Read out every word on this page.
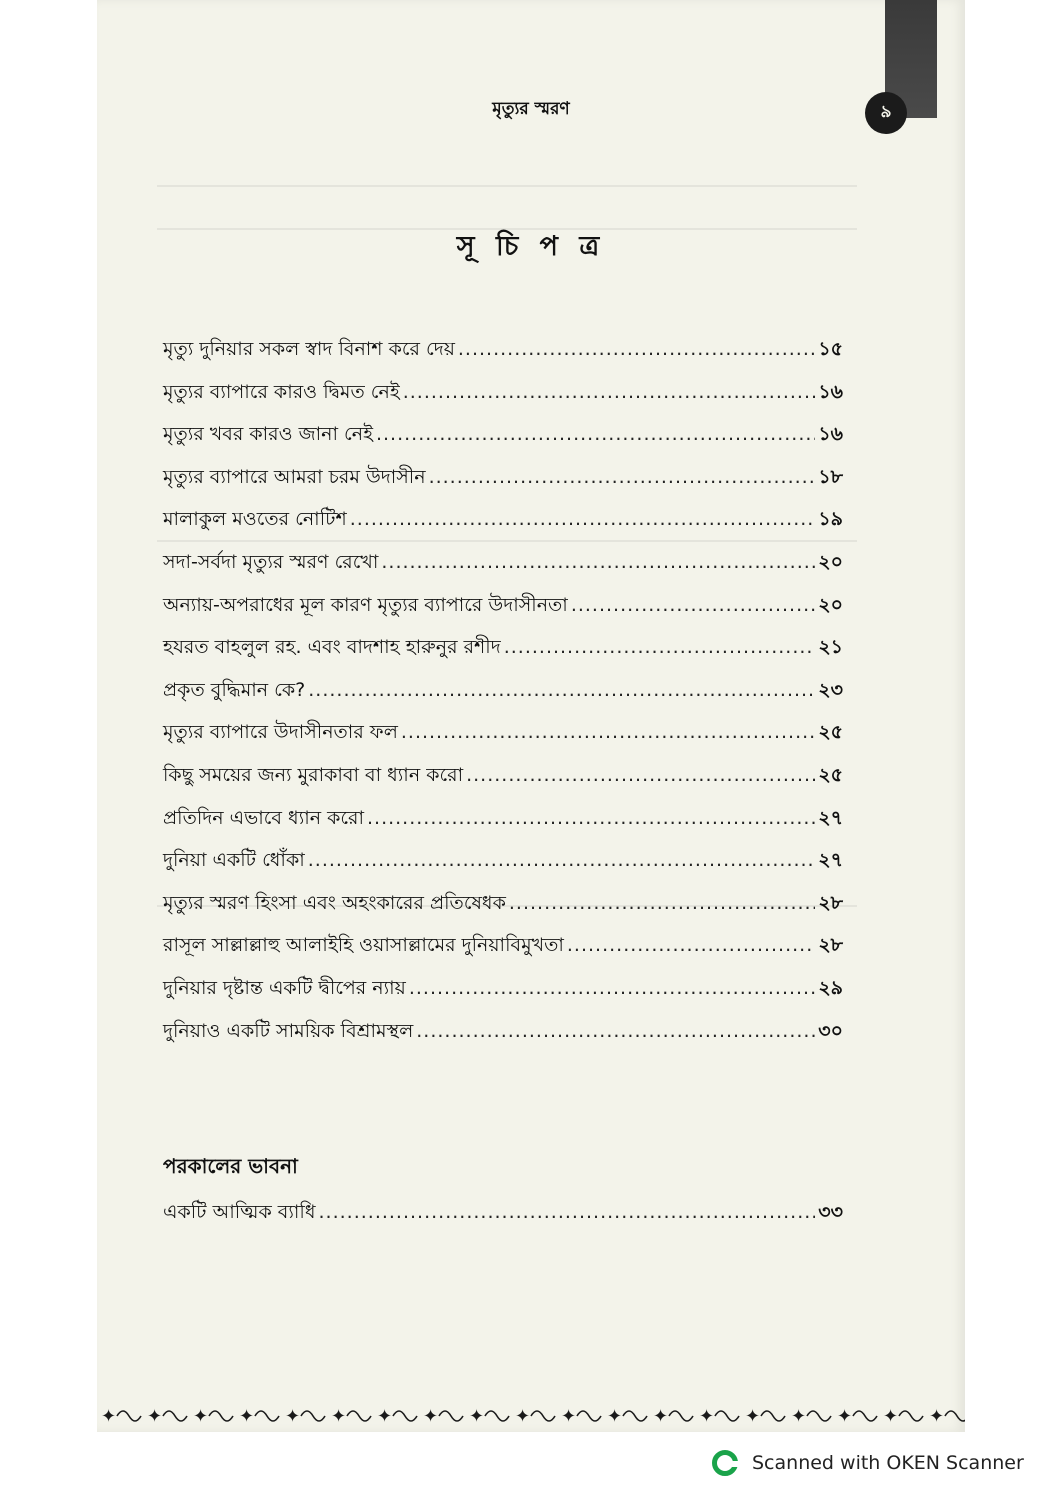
মৃত্যুর স্মরণ	৯
সূ চি প ত্র
মৃত্যু দুনিয়ার সকল স্বাদ বিনাশ করে দেয় .....	১৫
মৃত্যুর ব্যাপারে কারও দ্বিমত নেই .....	১৬
মৃত্যুর খবর কারও জানা নেই .....	১৬
মৃত্যুর ব্যাপারে আমরা চরম উদাসীন .....	১৮
মালাকুল মওতের নোটিশ .....	১৯
সদা-সর্বদা মৃত্যুর স্মরণ রেখো .....	২০
অন্যায়-অপরাধের মূল কারণ মৃত্যুর ব্যাপারে উদাসীনতা .....	২০
হযরত বাহলুল রহ. এবং বাদশাহ হারুনুর রশীদ .....	২১
প্রকৃত বুদ্ধিমান কে? .....	২৩
মৃত্যুর ব্যাপারে উদাসীনতার ফল .....	২৫
কিছু সময়ের জন্য মুরাকাবা বা ধ্যান করো .....	২৫
প্রতিদিন এভাবে ধ্যান করো .....	২৭
দুনিয়া একটি ধোঁকা .....	২৭
মৃত্যুর স্মরণ হিংসা এবং অহংকারের প্রতিষেধক .....	২৮
রাসূল সাল্লাল্লাহু আলাইহি ওয়াসাল্লামের দুনিয়াবিমুখতা .....	২৮
দুনিয়ার দৃষ্টান্ত একটি দ্বীপের ন্যায় .....	২৯
দুনিয়াও একটি সাময়িক বিশ্রামস্থল .....	৩০
পরকালের ভাবনা
একটি আত্মিক ব্যাধি .....	৩৩
✦ ✦ ✦ ✦ ✦ ✦ ✦ ✦ ✦ ✦ ✦ ✦ ✦ ✦ ✦ ✦ ✦ ✦ ✦
Scanned with OKEN Scanner
